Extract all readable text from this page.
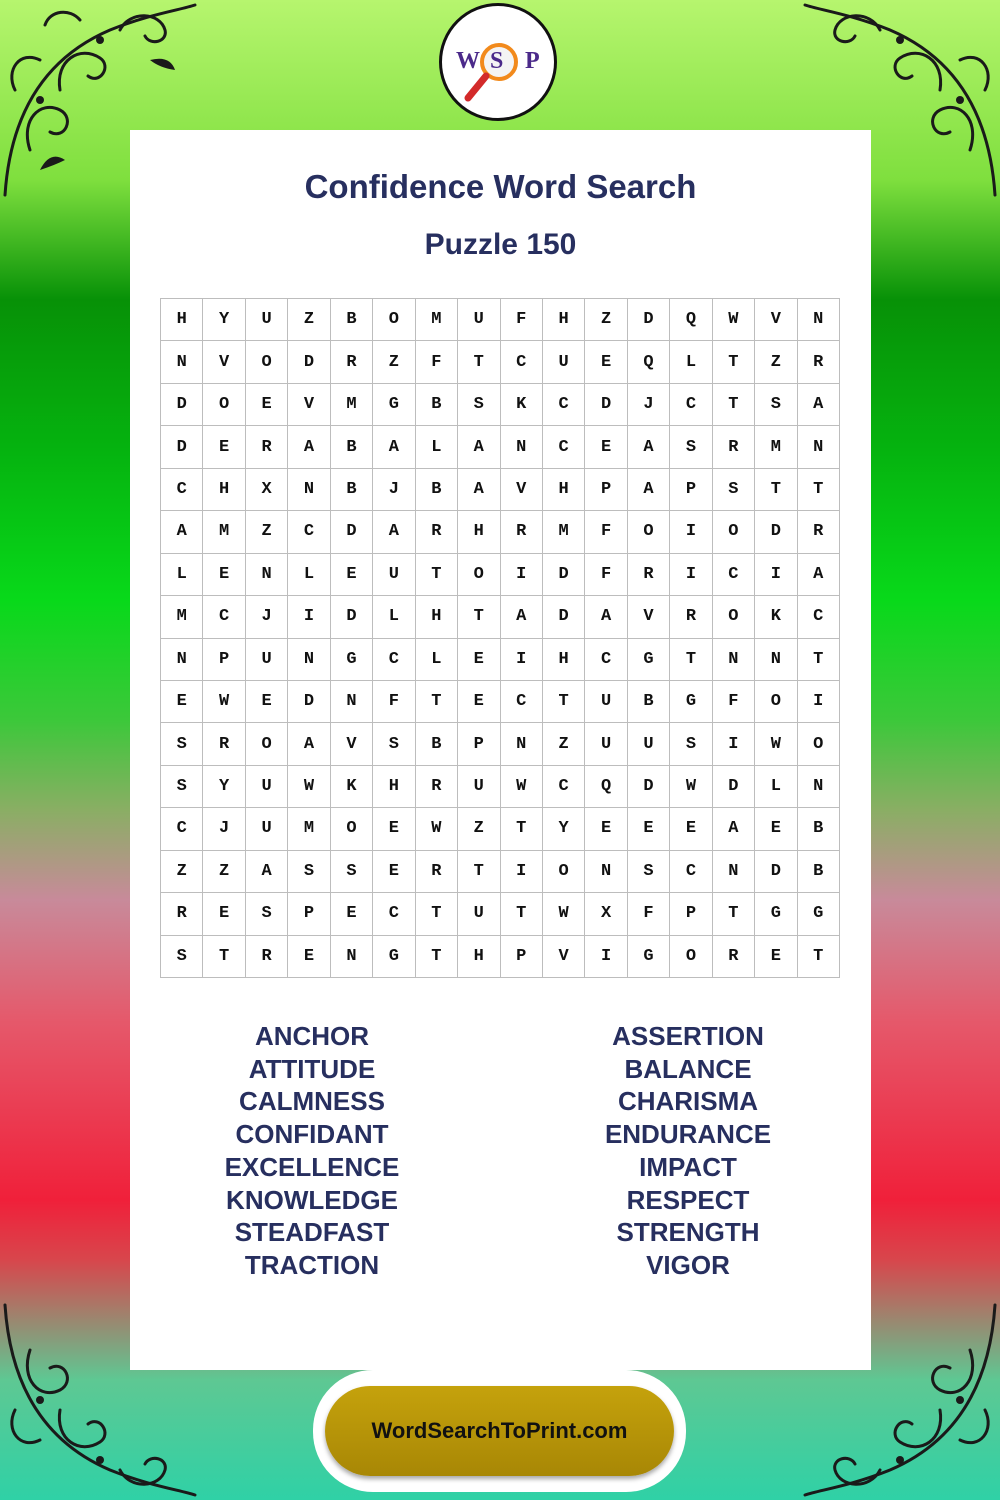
W S P
Confidence Word Search
Puzzle 150
H	Y	U	Z	B	O	M	U	F	H	Z	D	Q	W	V	N
N	V	O	D	R	Z	F	T	C	U	E	Q	L	T	Z	R
D	O	E	V	M	G	B	S	K	C	D	J	C	T	S	A
D	E	R	A	B	A	L	A	N	C	E	A	S	R	M	N
C	H	X	N	B	J	B	A	V	H	P	A	P	S	T	T
A	M	Z	C	D	A	R	H	R	M	F	O	I	O	D	R
L	E	N	L	E	U	T	O	I	D	F	R	I	C	I	A
M	C	J	I	D	L	H	T	A	D	A	V	R	O	K	C
N	P	U	N	G	C	L	E	I	H	C	G	T	N	N	T
E	W	E	D	N	F	T	E	C	T	U	B	G	F	O	I
S	R	O	A	V	S	B	P	N	Z	U	U	S	I	W	O
S	Y	U	W	K	H	R	U	W	C	Q	D	W	D	L	N
C	J	U	M	O	E	W	Z	T	Y	E	E	E	A	E	B
Z	Z	A	S	S	E	R	T	I	O	N	S	C	N	D	B
R	E	S	P	E	C	T	U	T	W	X	F	P	T	G	G
S	T	R	E	N	G	T	H	P	V	I	G	O	R	E	T
ANCHOR
ATTITUDE
CALMNESS
CONFIDANT
EXCELLENCE
KNOWLEDGE
STEADFAST
TRACTION
ASSERTION
BALANCE
CHARISMA
ENDURANCE
IMPACT
RESPECT
STRENGTH
VIGOR
WordSearchToPrint.com
